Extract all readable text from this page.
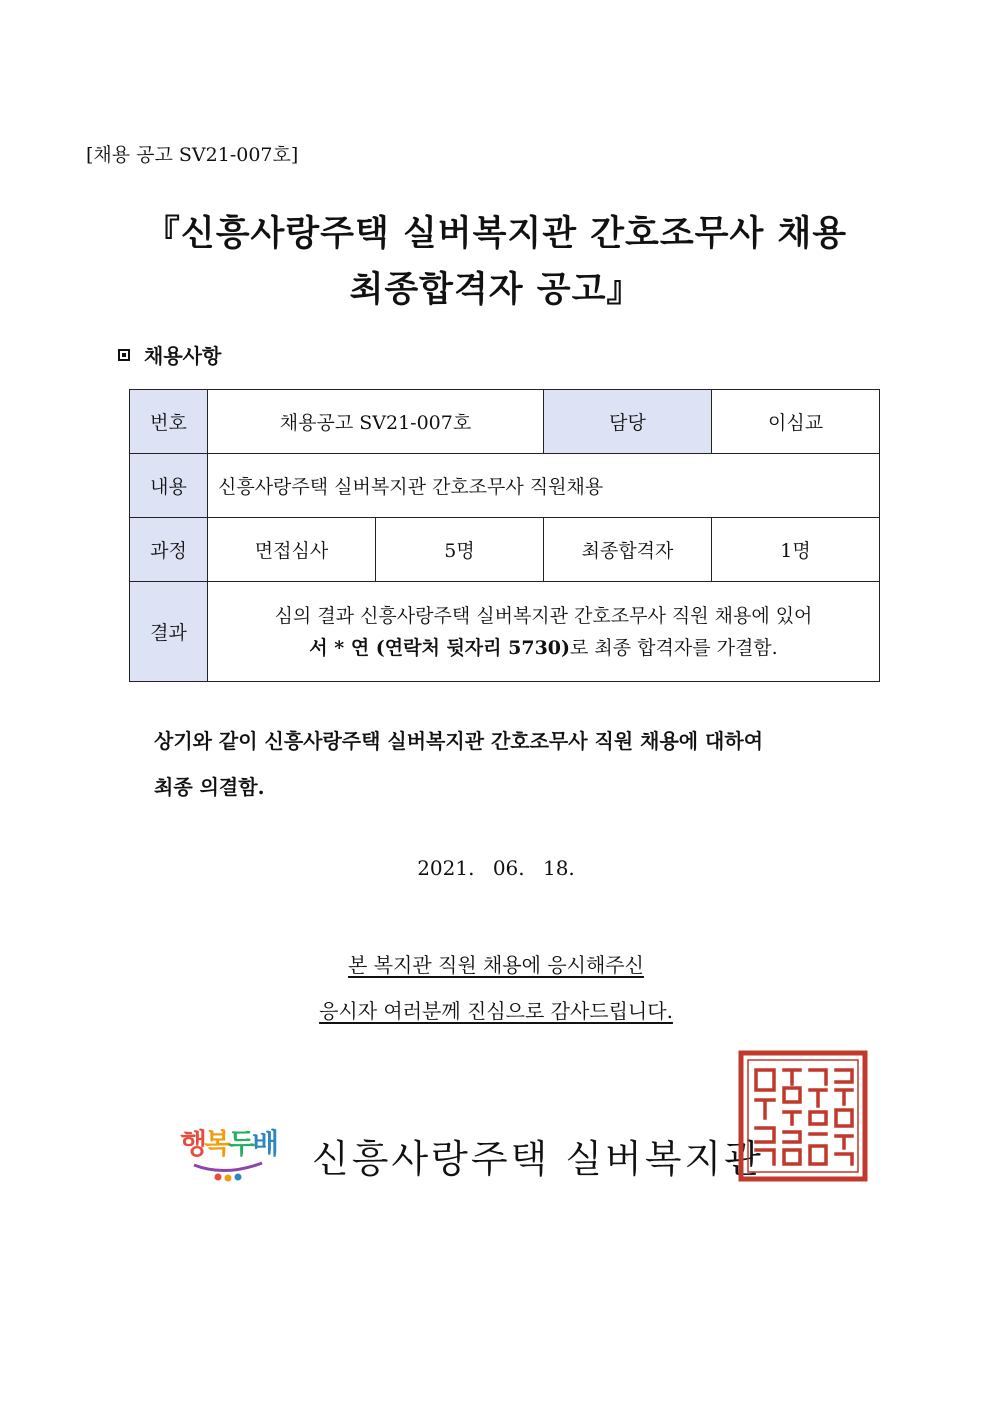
[채용 공고 SV21-007호]
『신흥사랑주택 실버복지관 간호조무사 채용
최종합격자 공고』
채용사항
번호	채용공고 SV21-007호		담당	이심교
내용	신흥사랑주택 실버복지관 간호조무사 직원채용			
과정	면접심사	5명	최종합격자	1명
결과	심의 결과 신흥사랑주택 실버복지관 간호조무사 직원 채용에 있어
서 * 연 (연락처 뒷자리 5730)로 최종 합격자를 가결함.			
상기와 같이 신흥사랑주택 실버복지관 간호조무사 직원 채용에 대하여
최종 의결함.
2021. 06. 18.
본 복지관 직원 채용에 응시해주신
응시자 여러분께 진심으로 감사드립니다.
행
복
두
배 신흥사랑주택 실버복지관
